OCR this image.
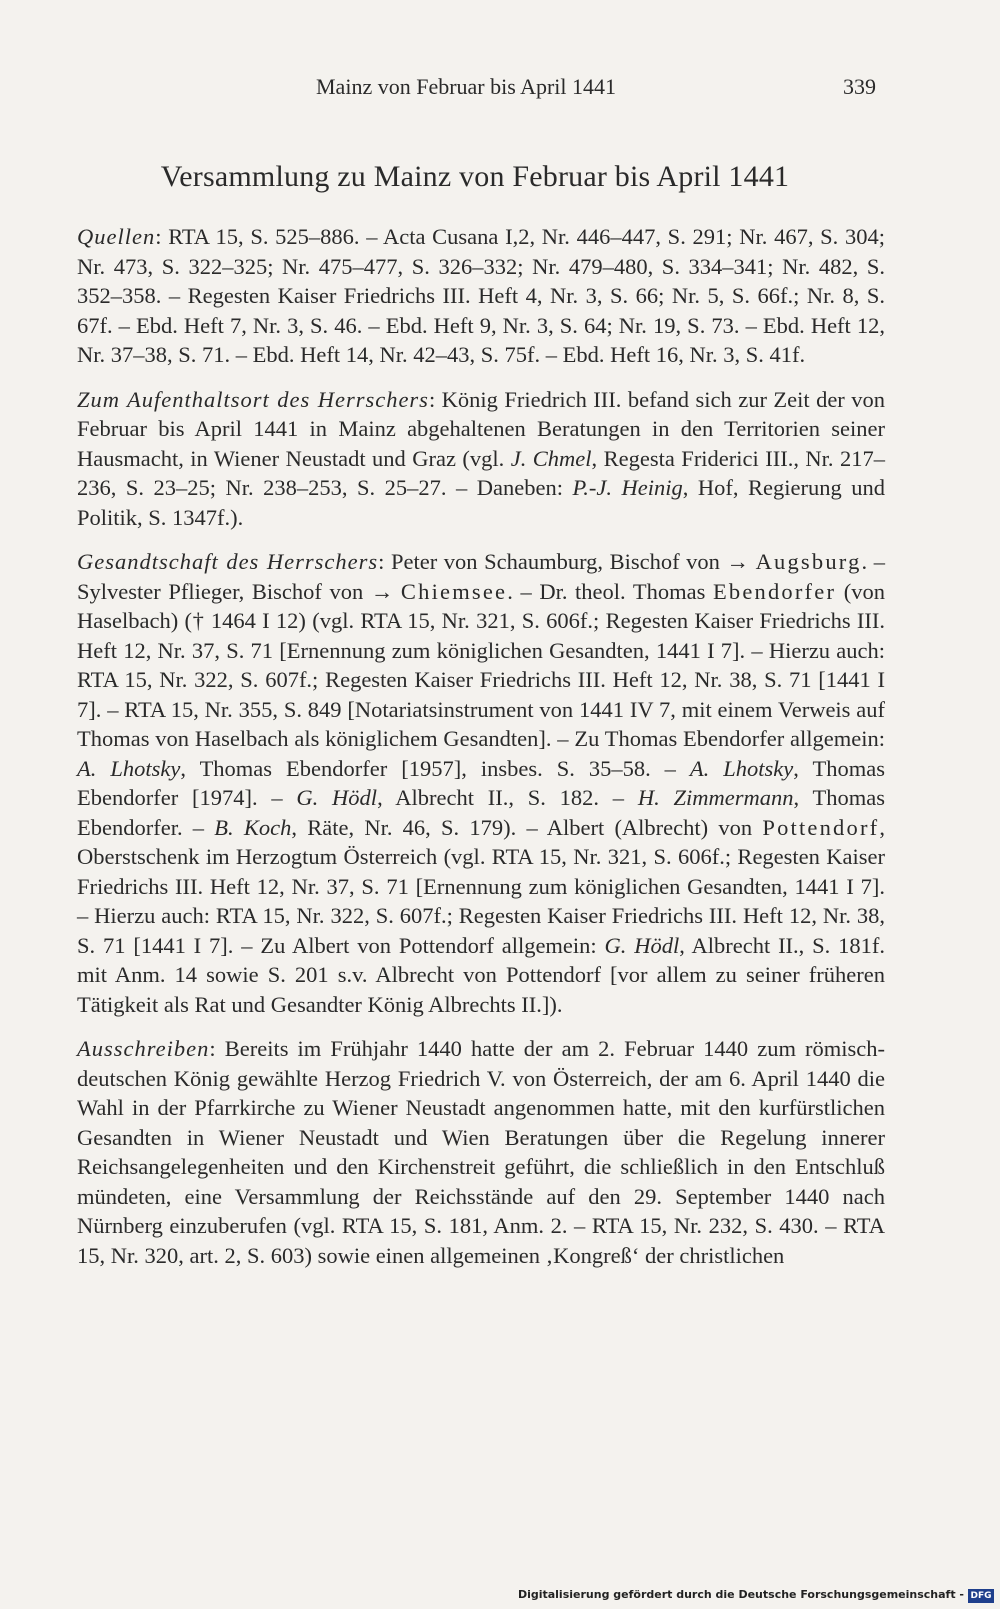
Mainz von Februar bis April 1441	339
Versammlung zu Mainz von Februar bis April 1441

Quellen: RTA 15, S. 525–886. – Acta Cusana I,2, Nr. 446–447, S. 291; Nr. 467, S. 304; Nr. 473, S. 322–325; Nr. 475–477, S. 326–332; Nr. 479–480, S. 334–341; Nr. 482, S. 352–358. – Regesten Kaiser Friedrichs III. Heft 4, Nr. 3, S. 66; Nr. 5, S. 66f.; Nr. 8, S. 67f. – Ebd. Heft 7, Nr. 3, S. 46. – Ebd. Heft 9, Nr. 3, S. 64; Nr. 19, S. 73. – Ebd. Heft 12, Nr. 37–38, S. 71. – Ebd. Heft 14, Nr. 42–43, S. 75f. – Ebd. Heft 16, Nr. 3, S. 41f.

Zum Aufenthaltsort des Herrschers: König Friedrich III. befand sich zur Zeit der von Februar bis April 1441 in Mainz abgehaltenen Beratungen in den Territorien seiner Hausmacht, in Wiener Neustadt und Graz (vgl. J. Chmel, Regesta Friderici III., Nr. 217–236, S. 23–25; Nr. 238–253, S. 25–27. – Daneben: P.-J. Heinig, Hof, Regierung und Politik, S. 1347f.).

Gesandtschaft des Herrschers: Peter von Schaumburg, Bischof von → Augsburg. – Sylvester Pflieger, Bischof von → Chiemsee. – Dr. theol. Thomas Ebendorfer (von Haselbach) († 1464 I 12) (vgl. RTA 15, Nr. 321, S. 606f.; Regesten Kaiser Friedrichs III. Heft 12, Nr. 37, S. 71 [Ernennung zum königlichen Gesandten, 1441 I 7]. – Hierzu auch: RTA 15, Nr. 322, S. 607f.; Regesten Kaiser Friedrichs III. Heft 12, Nr. 38, S. 71 [1441 I 7]. – RTA 15, Nr. 355, S. 849 [Notariatsinstrument von 1441 IV 7, mit einem Verweis auf Thomas von Haselbach als königlichem Gesandten]. – Zu Thomas Ebendorfer allgemein: A. Lhotsky, Thomas Ebendorfer [1957], insbes. S. 35–58. – A. Lhotsky, Thomas Ebendorfer [1974]. – G. Hödl, Albrecht II., S. 182. – H. Zimmermann, Thomas Ebendorfer. – B. Koch, Räte, Nr. 46, S. 179). – Albert (Albrecht) von Pottendorf, Oberstschenk im Herzogtum Österreich (vgl. RTA 15, Nr. 321, S. 606f.; Regesten Kaiser Friedrichs III. Heft 12, Nr. 37, S. 71 [Ernennung zum königlichen Gesandten, 1441 I 7]. – Hierzu auch: RTA 15, Nr. 322, S. 607f.; Regesten Kaiser Friedrichs III. Heft 12, Nr. 38, S. 71 [1441 I 7]. – Zu Albert von Pottendorf allgemein: G. Hödl, Albrecht II., S. 181f. mit Anm. 14 sowie S. 201 s.v. Albrecht von Pottendorf [vor allem zu seiner früheren Tätigkeit als Rat und Gesandter König Albrechts II.]).

Ausschreiben: Bereits im Frühjahr 1440 hatte der am 2. Februar 1440 zum römisch-deutschen König gewählte Herzog Friedrich V. von Österreich, der am 6. April 1440 die Wahl in der Pfarrkirche zu Wiener Neustadt angenommen hatte, mit den kurfürstlichen Gesandten in Wiener Neustadt und Wien Beratungen über die Regelung innerer Reichsangelegenheiten und den Kirchenstreit geführt, die schließlich in den Entschluß mündeten, eine Versammlung der Reichsstände auf den 29. September 1440 nach Nürnberg einzuberufen (vgl. RTA 15, S. 181, Anm. 2. – RTA 15, Nr. 232, S. 430. – RTA 15, Nr. 320, art. 2, S. 603) sowie einen allgemeinen ‚Kongreß‘ der christlichen

Digitalisierung gefördert durch die Deutsche Forschungsgemeinschaft - DFG
